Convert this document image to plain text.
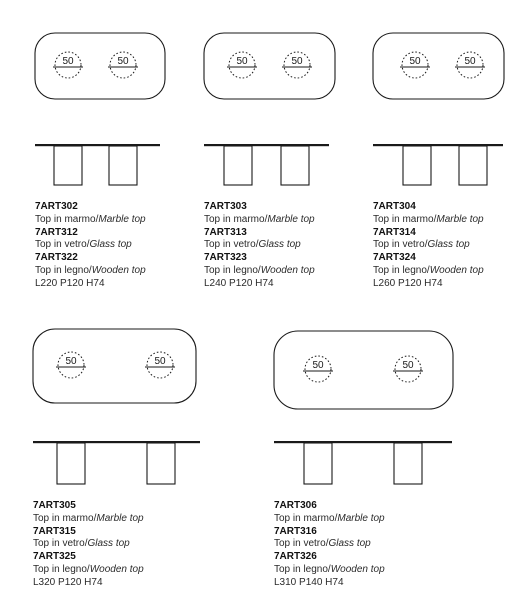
50	50	50	50	50	50
50	50	50	50
7ART302
Top in marmo/Marble top
7ART312
Top in vetro/Glass top
7ART322
Top in legno/Wooden top
L220 P120 H74
7ART303
Top in marmo/Marble top
7ART313
Top in vetro/Glass top
7ART323
Top in legno/Wooden top
L240 P120 H74
7ART304
Top in marmo/Marble top
7ART314
Top in vetro/Glass top
7ART324
Top in legno/Wooden top
L260 P120 H74
7ART305
Top in marmo/Marble top
7ART315
Top in vetro/Glass top
7ART325
Top in legno/Wooden top
L320 P120 H74
7ART306
Top in marmo/Marble top
7ART316
Top in vetro/Glass top
7ART326
Top in legno/Wooden top
L310 P140 H74
